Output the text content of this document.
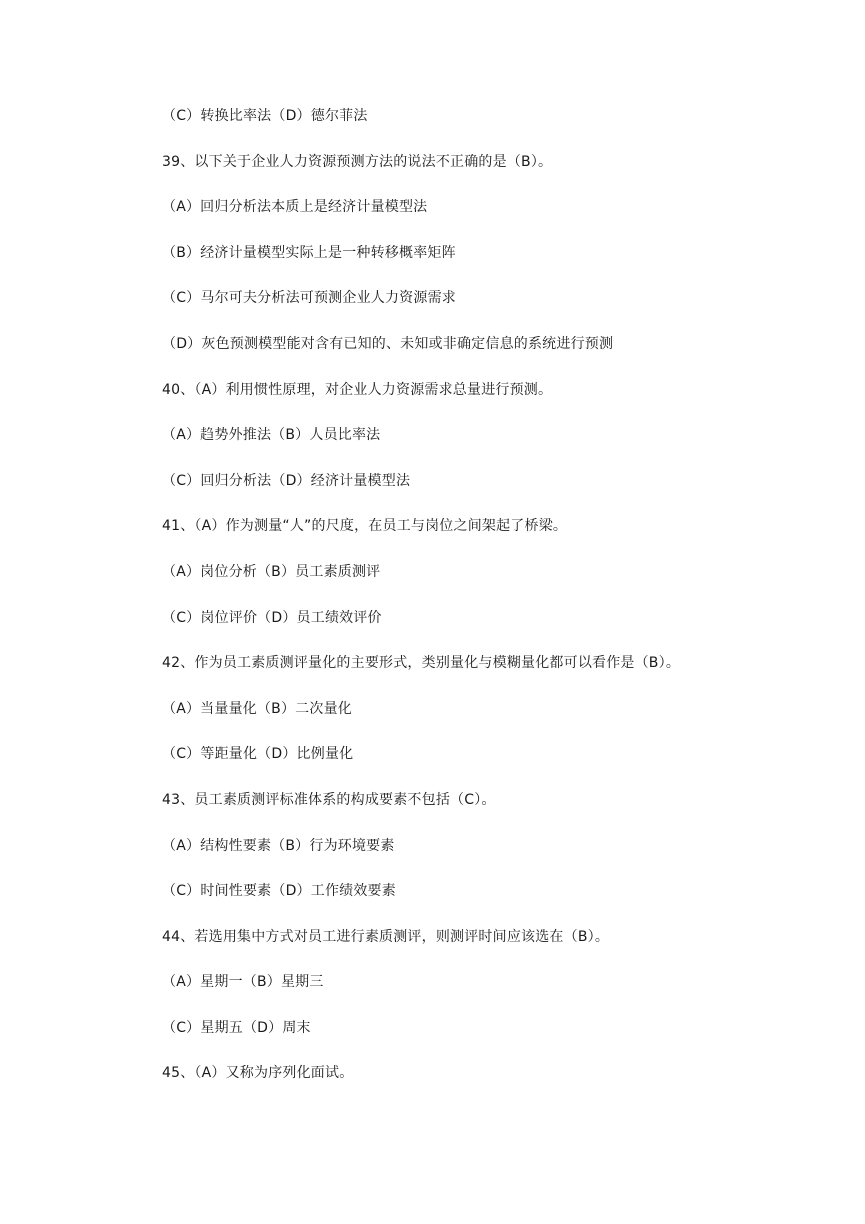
（C）转换比率法（D）德尔菲法
39、以下关于企业人力资源预测方法的说法不正确的是（B）。
（A）回归分析法本质上是经济计量模型法
（B）经济计量模型实际上是一种转移概率矩阵
（C）马尔可夫分析法可预测企业人力资源需求
（D）灰色预测模型能对含有已知的、未知或非确定信息的系统进行预测
40、（A）利用惯性原理，对企业人力资源需求总量进行预测。
（A）趋势外推法（B）人员比率法
（C）回归分析法（D）经济计量模型法
41、（A）作为测量“人”的尺度，在员工与岗位之间架起了桥梁。
（A）岗位分析（B）员工素质测评
（C）岗位评价（D）员工绩效评价
42、作为员工素质测评量化的主要形式，类别量化与模糊量化都可以看作是（B）。
（A）当量量化（B）二次量化
（C）等距量化（D）比例量化
43、员工素质测评标准体系的构成要素不包括（C）。
（A）结构性要素（B）行为环境要素
（C）时间性要素（D）工作绩效要素
44、若选用集中方式对员工进行素质测评，则测评时间应该选在（B）。
（A）星期一（B）星期三
（C）星期五（D）周末
45、（A）又称为序列化面试。
